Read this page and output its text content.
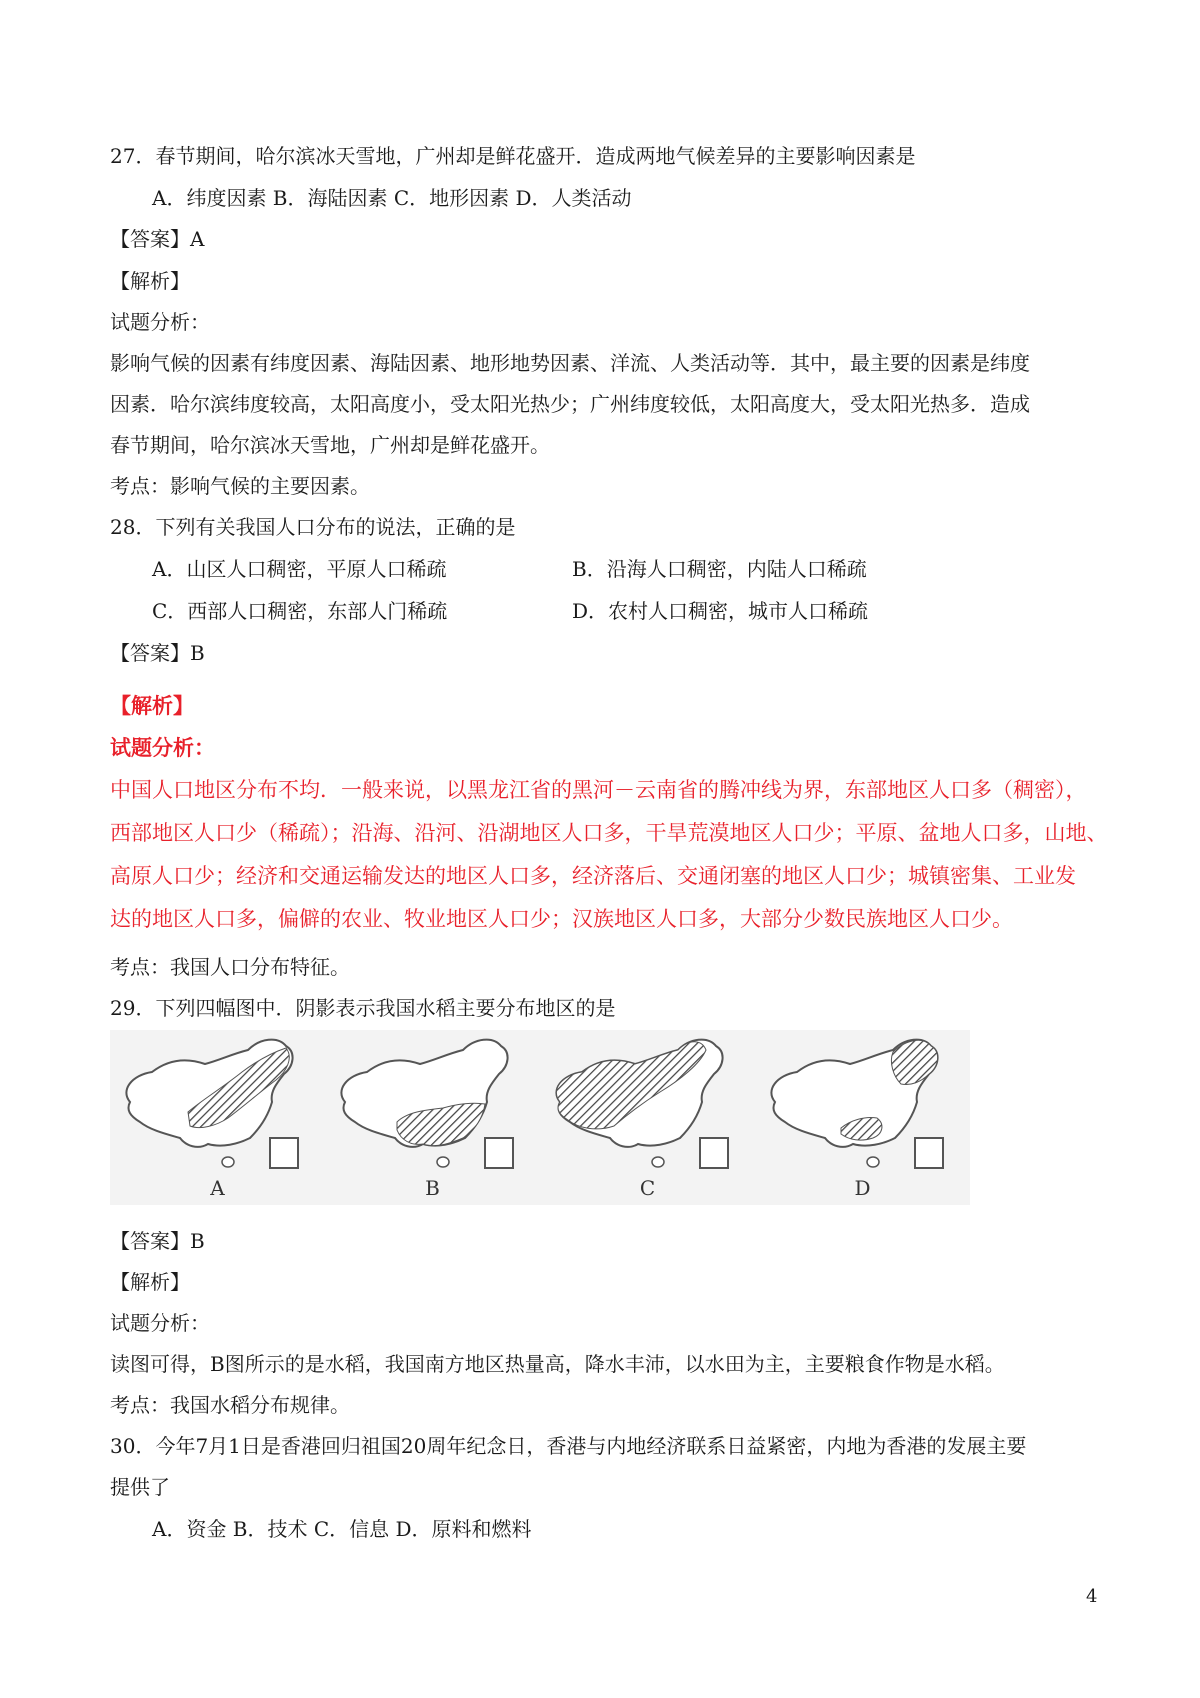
27．春节期间，哈尔滨冰天雪地，广州却是鲜花盛开．造成两地气候差异的主要影响因素是
A．纬度因素 B．海陆因素 C．地形因素 D．人类活动
【答案】A
【解析】
试题分析：
影响气候的因素有纬度因素、海陆因素、地形地势因素、洋流、人类活动等．其中，最主要的因素是纬度
因素．哈尔滨纬度较高，太阳高度小，受太阳光热少；广州纬度较低，太阳高度大，受太阳光热多．造成
春节期间，哈尔滨冰天雪地，广州却是鲜花盛开。
考点：影响气候的主要因素。
28．下列有关我国人口分布的说法，正确的是
A．山区人口稠密，平原人口稀疏	B．沿海人口稠密，内陆人口稀疏
C．西部人口稠密，东部人门稀疏	D．农村人口稠密，城市人口稀疏
【答案】B
【解析】
试题分析：
中国人口地区分布不均．一般来说，以黑龙江省的黑河－云南省的腾冲线为界，东部地区人口多（稠密），
西部地区人口少（稀疏）；沿海、沿河、沿湖地区人口多，干旱荒漠地区人口少；平原、盆地人口多，山地、
高原人口少；经济和交通运输发达的地区人口多，经济落后、交通闭塞的地区人口少；城镇密集、工业发
达的地区人口多，偏僻的农业、牧业地区人口少；汉族地区人口多，大部分少数民族地区人口少。
考点：我国人口分布特征。
29．下列四幅图中．阴影表示我国水稻主要分布地区的是
A	B	C	D
【答案】B
【解析】
试题分析：
读图可得，B图所示的是水稻，我国南方地区热量高，降水丰沛，以水田为主，主要粮食作物是水稻。
考点：我国水稻分布规律。
30．今年7月1日是香港回归祖国20周年纪念日，香港与内地经济联系日益紧密，内地为香港的发展主要
提供了
A．资金 B．技术 C．信息 D．原料和燃料
4
